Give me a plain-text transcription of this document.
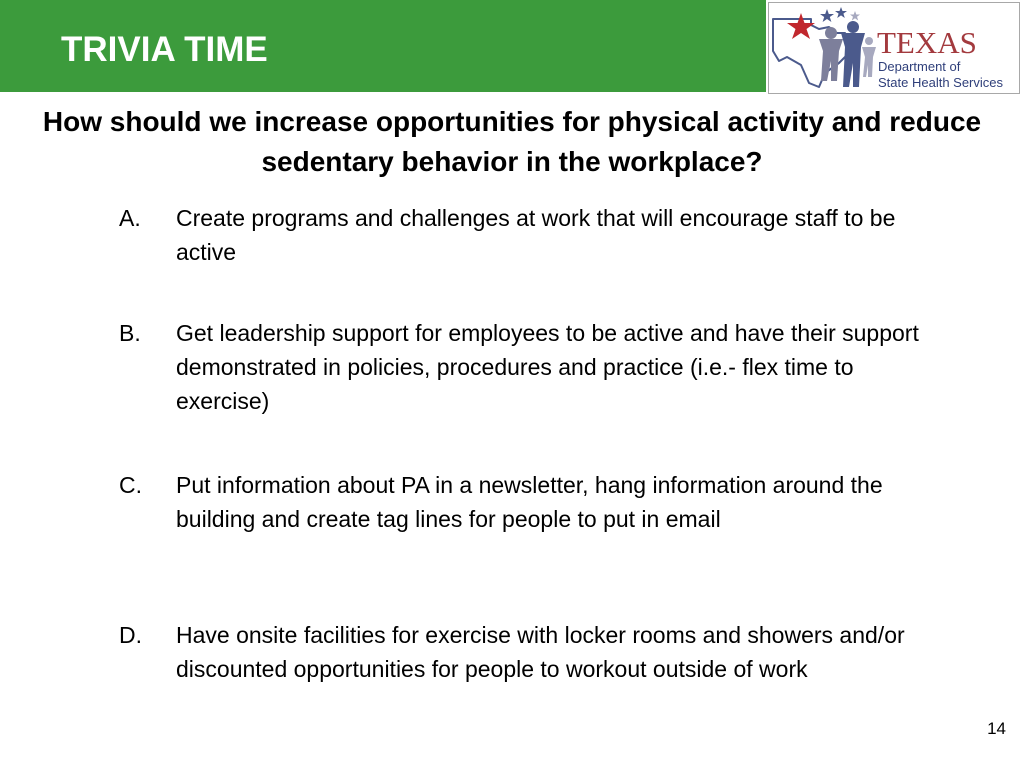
TRIVIA TIME	TEXAS
Department of
State Health Services
How should we increase opportunities for physical activity and reduce sedentary behavior in the workplace?
A.	Create programs and challenges at work that will encourage staff to be active
B.	Get leadership support for employees to be active and have their support demonstrated in policies, procedures and practice (i.e.- flex time to exercise)
C.	Put information about PA in a newsletter, hang information around the building and create tag lines for people to put in email
D.	Have onsite facilities for exercise with locker rooms and showers and/or discounted opportunities for people to workout outside of work
14
